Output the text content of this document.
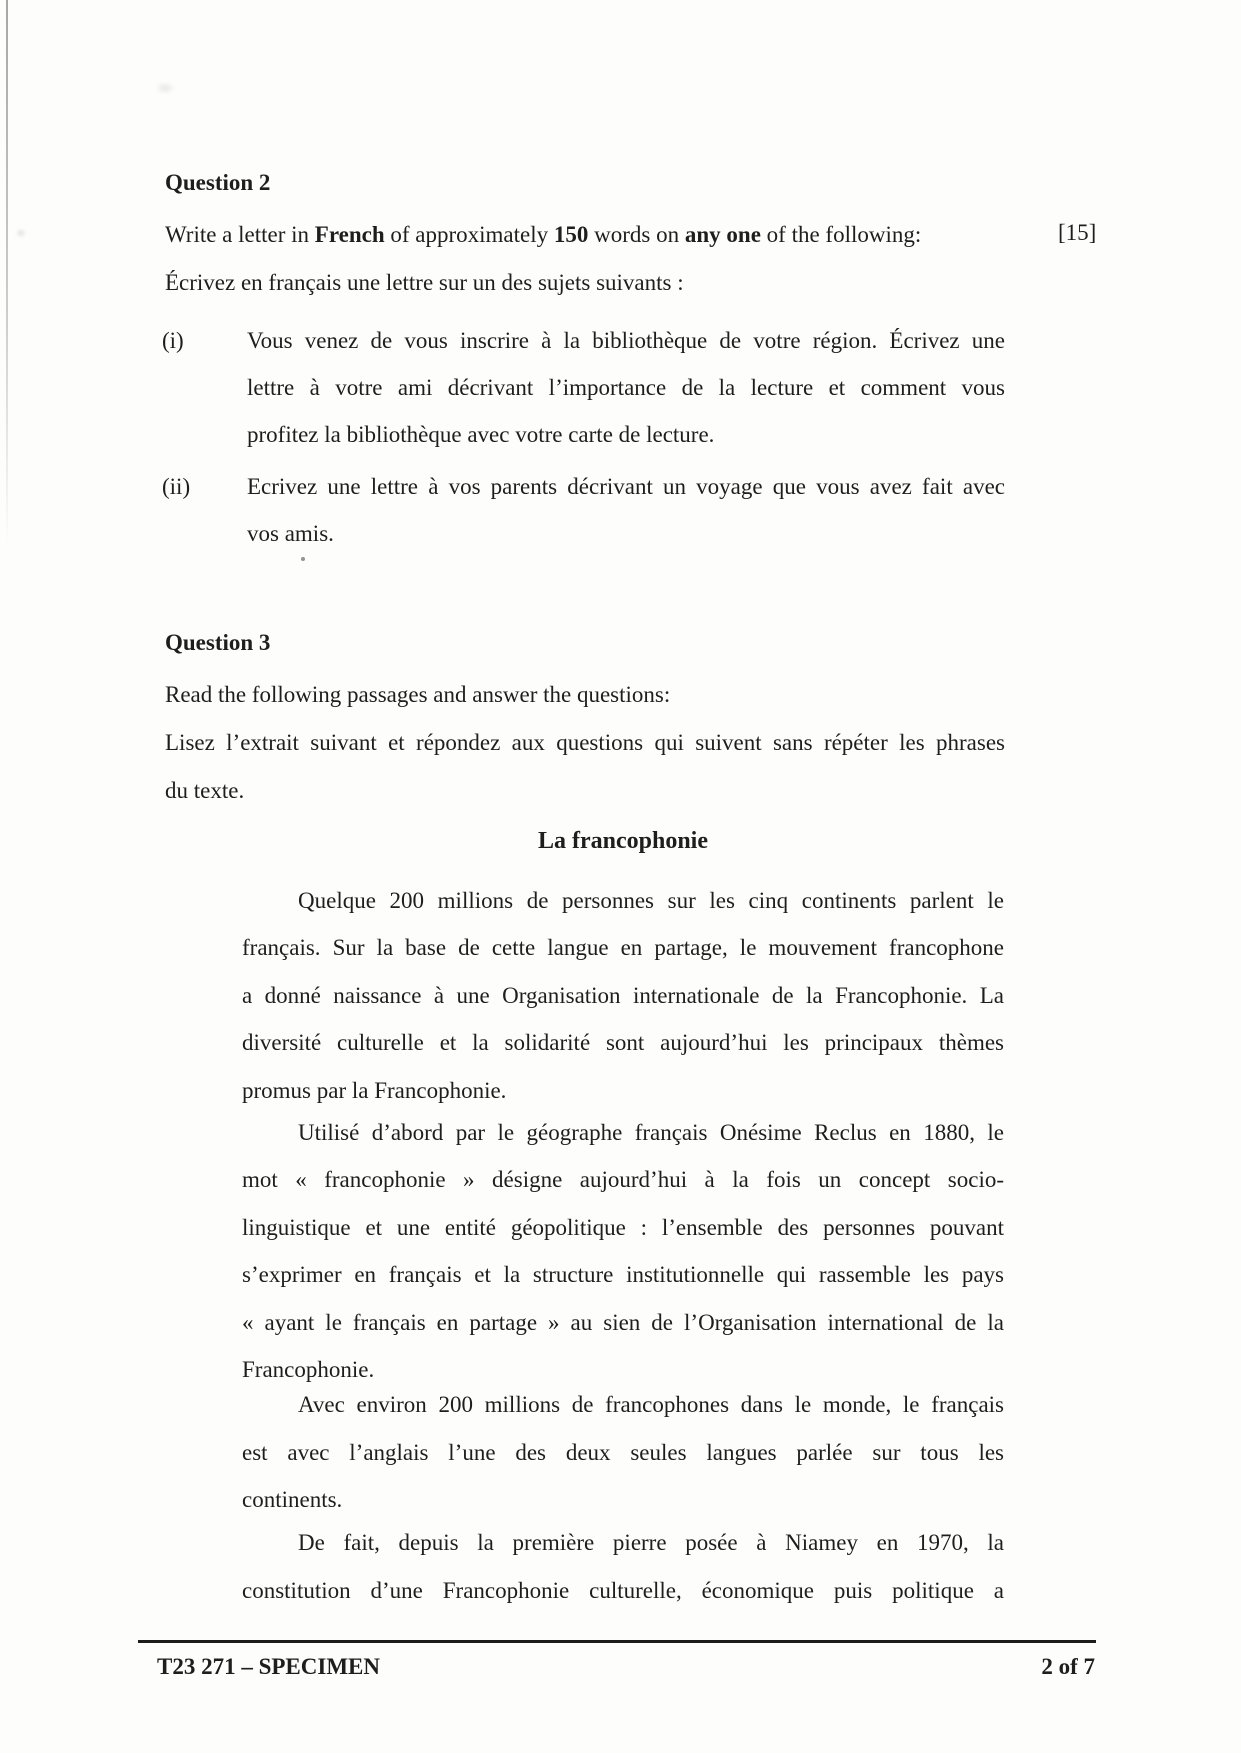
Question 2
Write a letter in French of approximately 150 words on any one of the following:	[15]
Écrivez en français une lettre sur un des sujets suivants :
(i)	Vous venez de vous inscrire à la bibliothèque de votre région. Écrivez une
lettre à votre ami décrivant l’importance de la lecture et comment vous
profitez la bibliothèque avec votre carte de lecture.
(ii) Ecrivez une lettre à vos parents décrivant un voyage que vous avez fait avec
vos amis.
Question 3
Read the following passages and answer the questions:
Lisez l’extrait suivant et répondez aux questions qui suivent sans répéter les phrases
du texte.
La francophonie
Quelque 200 millions de personnes sur les cinq continents parlent le
français. Sur la base de cette langue en partage, le mouvement francophone
a donné naissance à une Organisation internationale de la Francophonie. La
diversité culturelle et la solidarité sont aujourd’hui les principaux thèmes
promus par la Francophonie.
Utilisé d’abord par le géographe français Onésime Reclus en 1880, le
mot « francophonie » désigne aujourd’hui à la fois un concept socio-
linguistique et une entité géopolitique : l’ensemble des personnes pouvant
s’exprimer en français et la structure institutionnelle qui rassemble les pays
« ayant le français en partage » au sien de l’Organisation international de la
Francophonie.
Avec environ 200 millions de francophones dans le monde, le français
est avec l’anglais l’une des deux seules langues parlée sur tous les
continents.
De fait, depuis la première pierre posée à Niamey en 1970, la
constitution d’une Francophonie culturelle, économique puis politique a
T23 271 – SPECIMEN	2 of 7
